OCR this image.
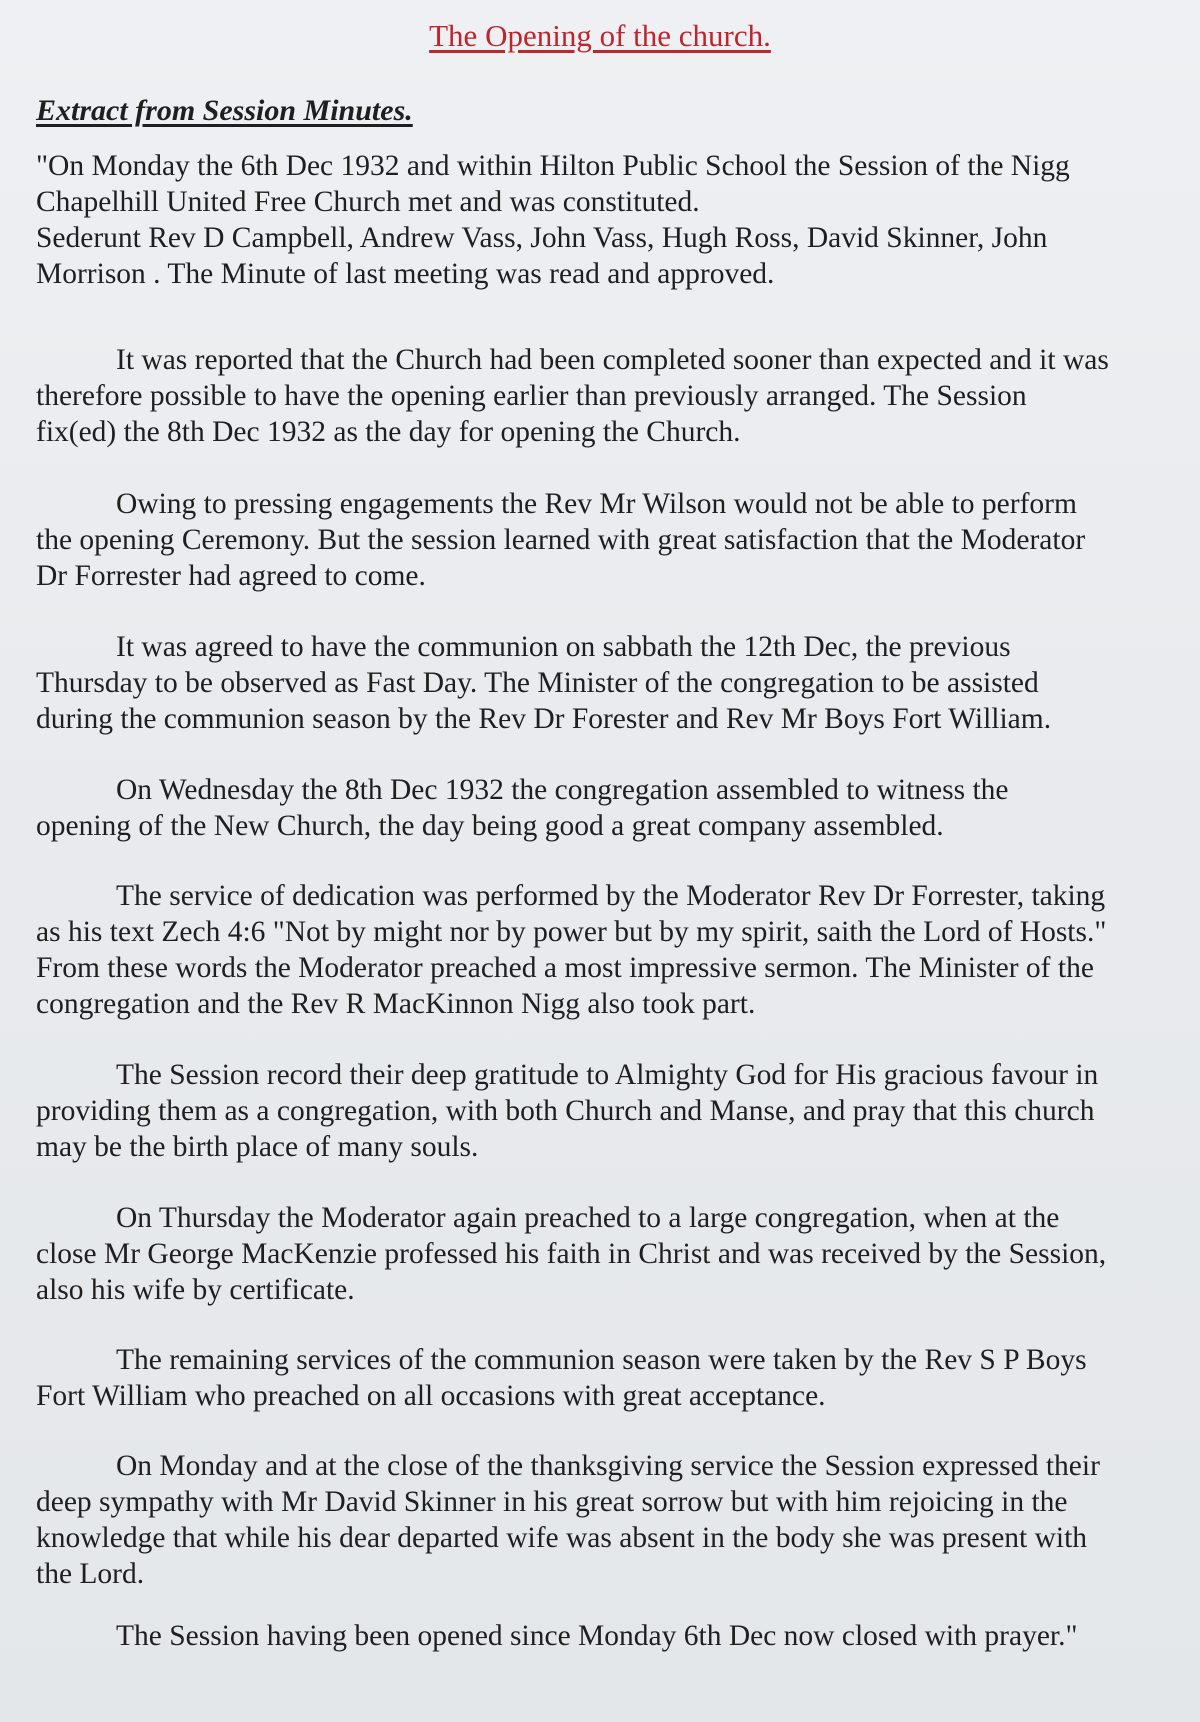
The Opening of the church.
Extract from Session Minutes.
"On Monday the 6th Dec 1932 and within Hilton Public School the Session of the Nigg
Chapelhill United Free Church met and was constituted.
Sederunt Rev D Campbell, Andrew Vass, John Vass, Hugh Ross, David Skinner, John
Morrison . The Minute of last meeting was read and approved.
It was reported that the Church had been completed sooner than expected and it was
therefore possible to have the opening earlier than previously arranged. The Session
fix(ed) the 8th Dec 1932 as the day for opening the Church.
Owing to pressing engagements the Rev Mr Wilson would not be able to perform
the opening Ceremony. But the session learned with great satisfaction that the Moderator
Dr Forrester had agreed to come.
It was agreed to have the communion on sabbath the 12th Dec, the previous
Thursday to be observed as Fast Day. The Minister of the congregation to be assisted
during the communion season by the Rev Dr Forester and Rev Mr Boys Fort William.
On Wednesday the 8th Dec 1932 the congregation assembled to witness the
opening of the New Church, the day being good a great company assembled.
The service of dedication was performed by the Moderator Rev Dr Forrester, taking
as his text Zech 4:6 "Not by might nor by power but by my spirit, saith the Lord of Hosts."
From these words the Moderator preached a most impressive sermon. The Minister of the
congregation and the Rev R MacKinnon Nigg also took part.
The Session record their deep gratitude to Almighty God for His gracious favour in
providing them as a congregation, with both Church and Manse, and pray that this church
may be the birth place of many souls.
On Thursday the Moderator again preached to a large congregation, when at the
close Mr George MacKenzie professed his faith in Christ and was received by the Session,
also his wife by certificate.
The remaining services of the communion season were taken by the Rev S P Boys
Fort William who preached on all occasions with great acceptance.
On Monday and at the close of the thanksgiving service the Session expressed their
deep sympathy with Mr David Skinner in his great sorrow but with him rejoicing in the
knowledge that while his dear departed wife was absent in the body she was present with
the Lord.
The Session having been opened since Monday 6th Dec now closed with prayer."
